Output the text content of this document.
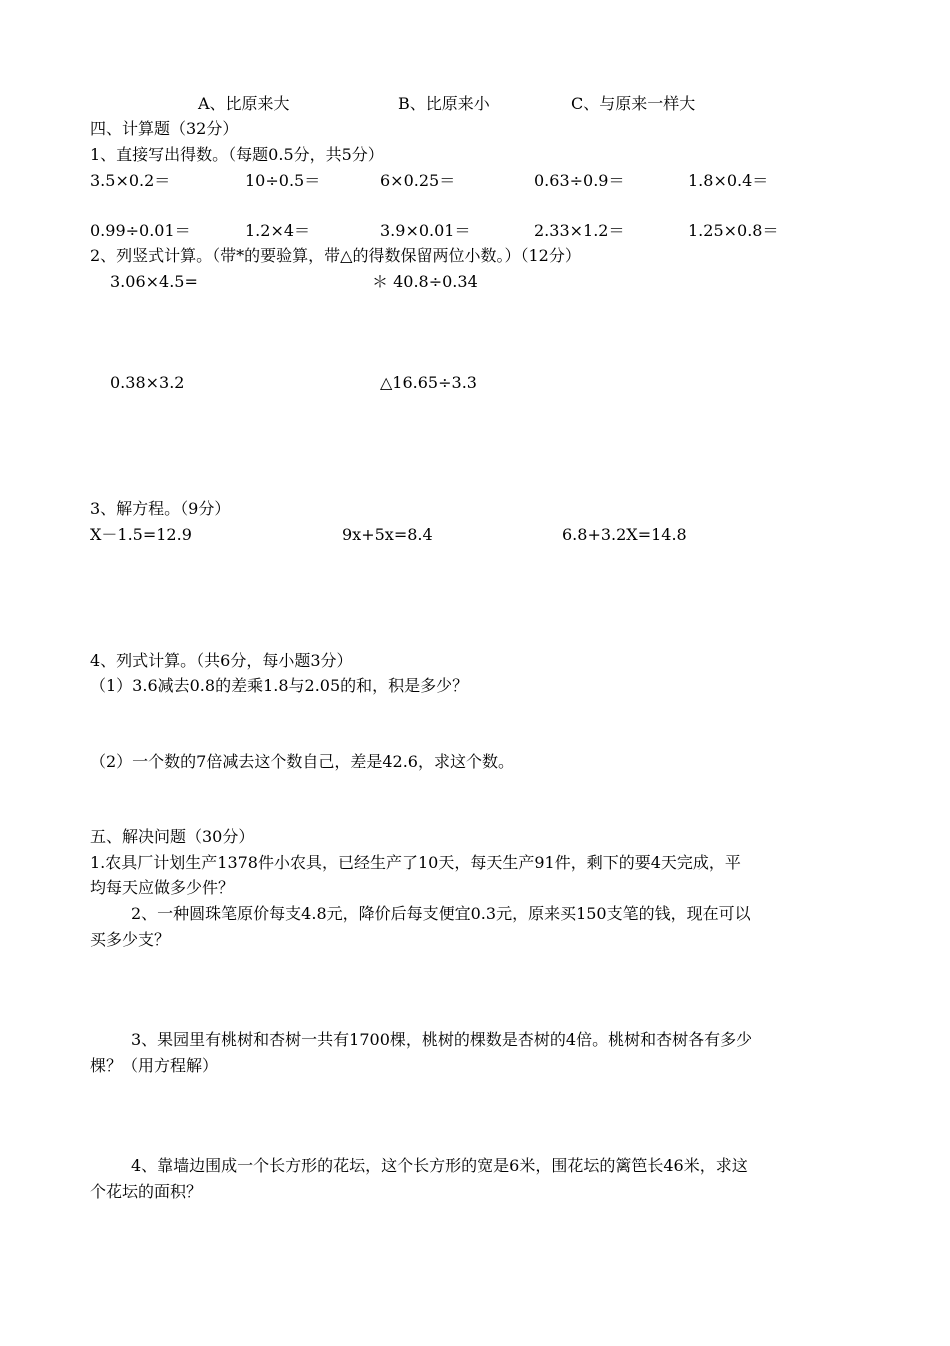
A、比原来大	B、比原来小	C、与原来一样大
四、计算题（32分）
1、直接写出得数。（每题0.5分，共5分）
3.5×0.2＝	10÷0.5＝	6×0.25＝	0.63÷0.9＝	1.8×0.4＝
0.99÷0.01＝	1.2×4＝	3.9×0.01＝	2.33×1.2＝	1.25×0.8＝
2、列竖式计算。（带*的要验算，带△的得数保留两位小数。）（12分）
3.06×4.5=	＊ 40.8÷0.34
0.38×3.2	△16.65÷3.3
3、解方程。（9分）
X－1.5=12.9	9x+5x=8.4	6.8+3.2X=14.8
4、列式计算。（共6分，每小题3分）
（1）3.6减去0.8的差乘1.8与2.05的和，积是多少？
（2）一个数的7倍减去这个数自己，差是42.6，求这个数。
五、解决问题（30分）
1.农具厂计划生产1378件小农具，已经生产了10天，每天生产91件，剩下的要4天完成，平
均每天应做多少件？
2、一种圆珠笔原价每支4.8元，降价后每支便宜0.3元，原来买150支笔的钱，现在可以
买多少支？
3、果园里有桃树和杏树一共有1700棵，桃树的棵数是杏树的4倍。桃树和杏树各有多少
棵？（用方程解）
4、靠墙边围成一个长方形的花坛，这个长方形的宽是6米，围花坛的篱笆长46米，求这
个花坛的面积？
